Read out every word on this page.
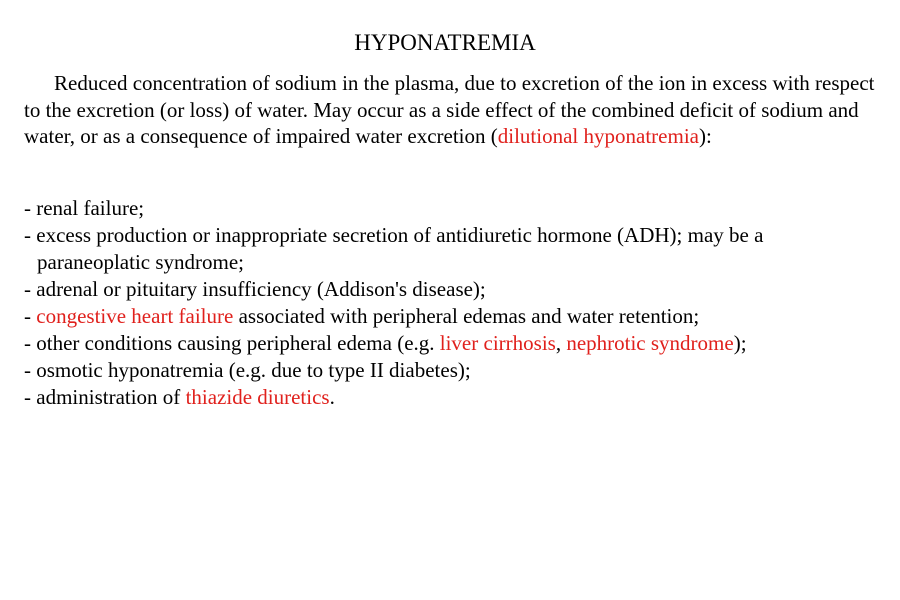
HYPONATREMIA

Reduced concentration of sodium in the plasma, due to excretion of the ion in excess with respect to the excretion (or loss) of water. May occur as a side effect of the combined deficit of sodium and water, or as a consequence of impaired water excretion (dilutional hyponatremia):

- renal failure;
- excess production or inappropriate secretion of antidiuretic hormone (ADH); may be a paraneoplatic syndrome;
- adrenal or pituitary insufficiency (Addison's disease);
- congestive heart failure associated with peripheral edemas and water retention;
- other conditions causing peripheral edema (e.g. liver cirrhosis, nephrotic syndrome);
- osmotic hyponatremia (e.g. due to type II diabetes);
- administration of thiazide diuretics.
